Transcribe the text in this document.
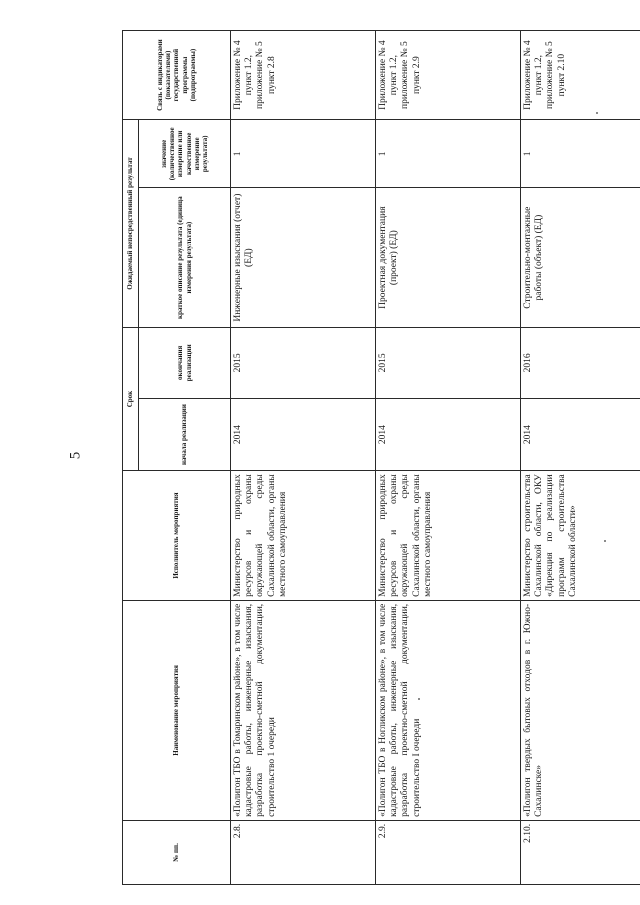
5
№ пп.	Наименование мероприятия	Исполнитель мероприятия	Срок		Ожидаемый непосредственный результат		Связь с индикаторами (показателями) государственной программы (подпрограммы)
			начала реализации	окончания реализации	краткое описание результата (единица измерения результата)	значение (количественное измерение или качественное измерение результата)	
2.8.	«Полигон ТБО в Томаринском районе», в том числе кадастровые работы, инженерные изыскания, разработка проектно-сметной документации, строительство 1 очереди	Министерство природных ресурсов и охраны окружающей среды Сахалинской области, органы местного самоуправления	2014	2015	Инженерные изыскания (отчет) (ЕД)	1	Приложение № 4 пункт 1.2, приложение № 5 пункт 2.8
2.9.	«Полигон ТБО в Ногликском районе», в том числе кадастровые работы, инженерные изыскания, разработка проектно-сметной документации, строительство I очереди	Министерство природных ресурсов и охраны окружающей среды Сахалинской области, органы местного самоуправления	2014	2015	Проектная документация (проект) (ЕД)	1	Приложение № 4 пункт 1.2, приложение № 5 пункт 2.9
2.10.	«Полигон твердых бытовых отходов в г. Южно-Сахалинске»	Министерство строительства Сахалинской области, ОКУ «Дирекция по реализации программ строительства Сахалинской области»	2014	2016	Строительно-монтажные работы (объект) (ЕД)	1	Приложение № 4 пункт 1.2, приложение № 5 пункт 2.10
